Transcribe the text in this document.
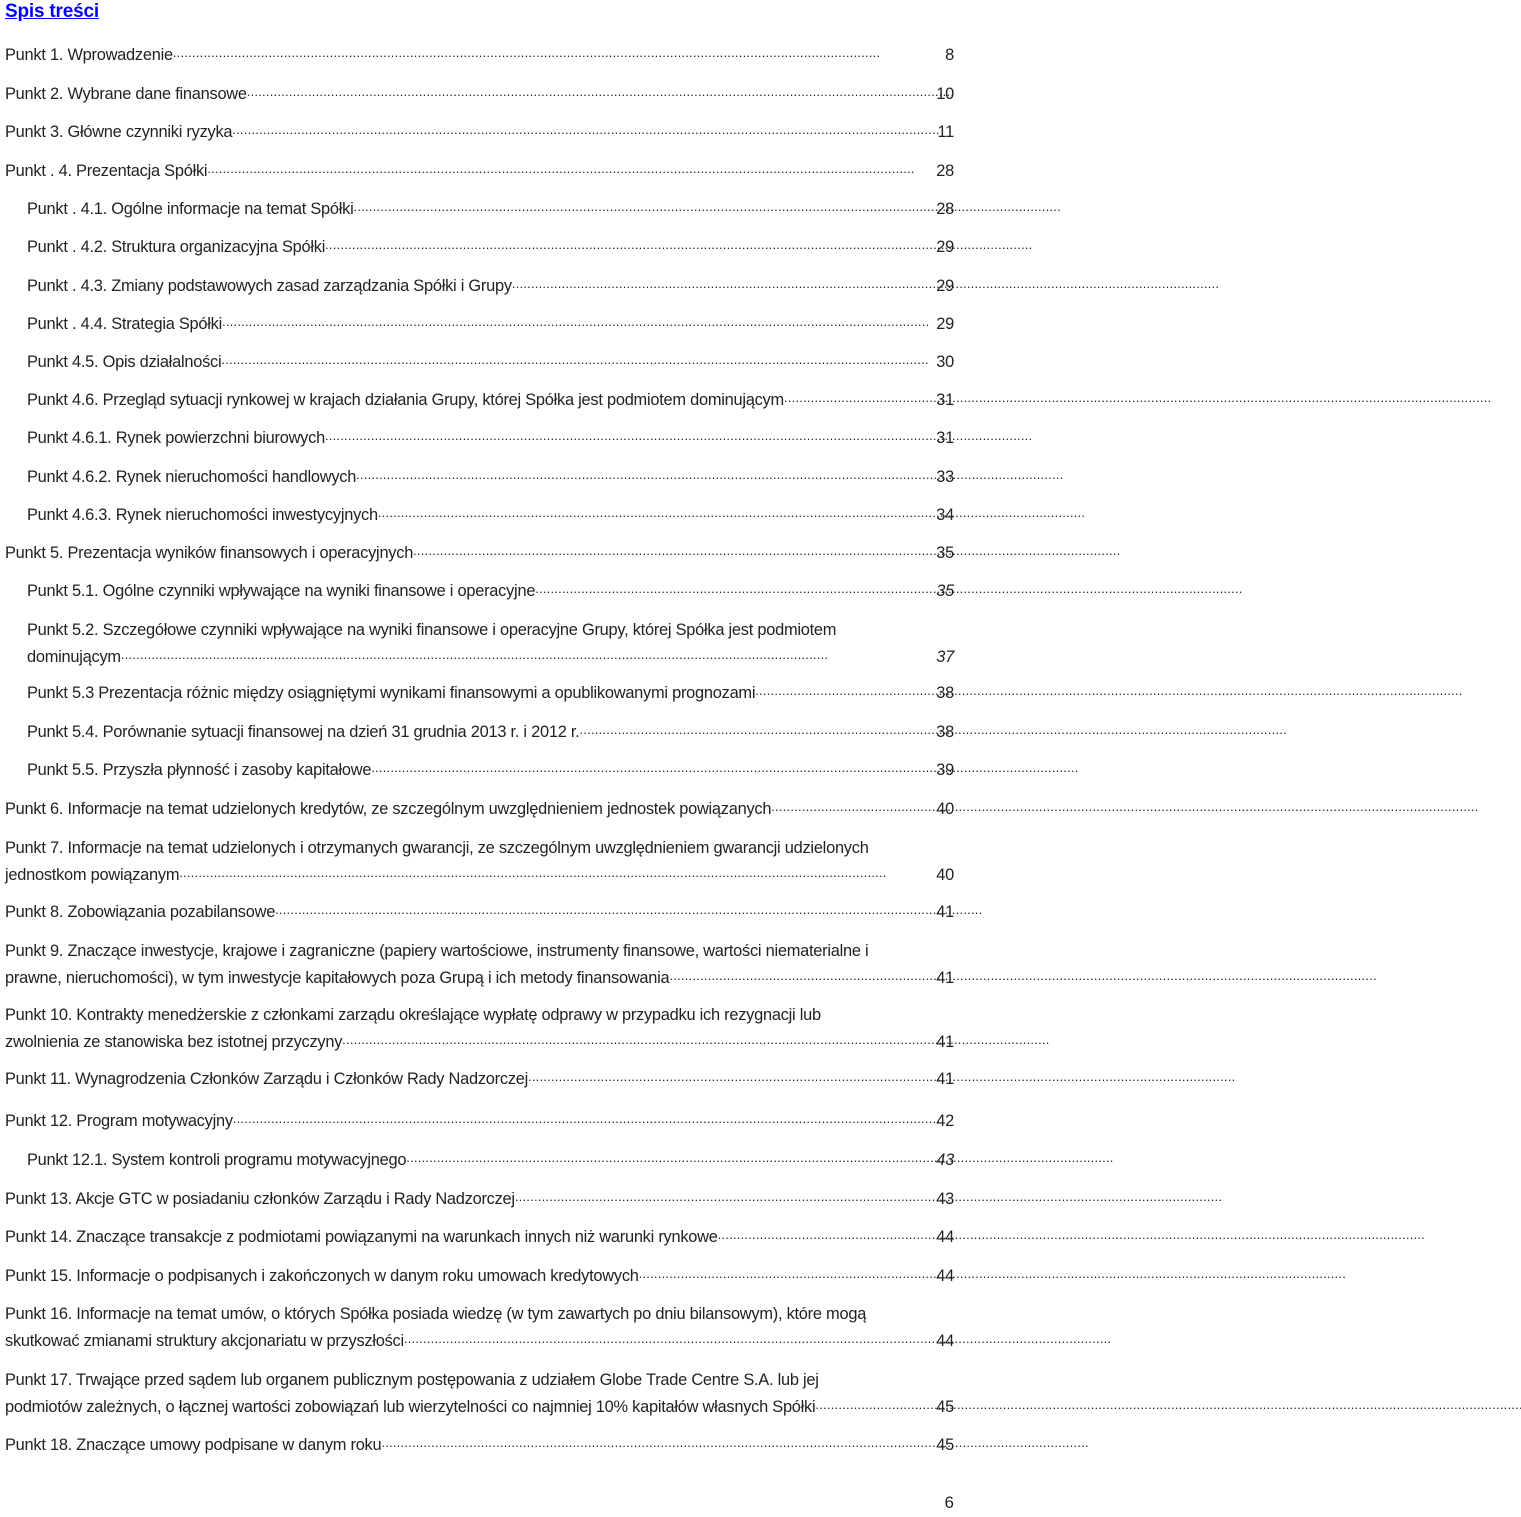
Spis treści
Punkt 1. Wprowadzenie . . .	8
Punkt 2. Wybrane dane finansowe . . .	10
Punkt 3. Główne czynniki ryzyka . . .	11
Punkt . 4. Prezentacja Spółki . . .	28
Punkt . 4.1. Ogólne informacje na temat Spółki . . .	28
Punkt . 4.2. Struktura organizacyjna Spółki . . .	29
Punkt . 4.3. Zmiany podstawowych zasad zarządzania Spółki i Grupy . . .	29
Punkt . 4.4. Strategia Spółki . . .	29
Punkt 4.5. Opis działalności . . .	30
Punkt 4.6. Przegląd sytuacji rynkowej w krajach działania Grupy, której Spółka jest podmiotem dominującym . . .	31
Punkt 4.6.1. Rynek powierzchni biurowych . . .	31
Punkt 4.6.2. Rynek nieruchomości handlowych . . .	33
Punkt 4.6.3. Rynek nieruchomości inwestycyjnych . . .	34
Punkt 5. Prezentacja wyników finansowych i operacyjnych . . .	35
Punkt 5.1. Ogólne czynniki wpływające na wyniki finansowe i operacyjne . . .	35
Punkt 5.2. Szczegółowe czynniki wpływające na wyniki finansowe i operacyjne Grupy, której Spółka jest podmiotem
dominującym . . .	37
Punkt 5.3 Prezentacja różnic między osiągniętymi wynikami finansowymi a opublikowanymi prognozami . . .	38
Punkt 5.4. Porównanie sytuacji finansowej na dzień 31 grudnia 2013 r. i 2012 r. . . .	38
Punkt 5.5. Przyszła płynność i zasoby kapitałowe . . .	39
Punkt 6. Informacje na temat udzielonych kredytów, ze szczególnym uwzględnieniem jednostek powiązanych . . .	40
Punkt 7. Informacje na temat udzielonych i otrzymanych gwarancji, ze szczególnym uwzględnieniem gwarancji udzielonych
jednostkom powiązanym . . .	40
Punkt 8. Zobowiązania pozabilansowe . . .	41
Punkt 9. Znaczące inwestycje, krajowe i zagraniczne (papiery wartościowe, instrumenty finansowe, wartości niematerialne i
prawne, nieruchomości), w tym inwestycje kapitałowych poza Grupą i ich metody finansowania . . .	41
Punkt 10. Kontrakty menedżerskie z członkami zarządu określające wypłatę odprawy w przypadku ich rezygnacji lub
zwolnienia ze stanowiska bez istotnej przyczyny . . .	41
Punkt 11. Wynagrodzenia Członków Zarządu i Członków Rady Nadzorczej . . .	41
Punkt 12. Program motywacyjny . . .	42
Punkt 12.1. System kontroli programu motywacyjnego . . .	43
Punkt 13. Akcje GTC w posiadaniu członków Zarządu i Rady Nadzorczej . . .	43
Punkt 14. Znaczące transakcje z podmiotami powiązanymi na warunkach innych niż warunki rynkowe . . .	44
Punkt 15. Informacje o podpisanych i zakończonych w danym roku umowach kredytowych . . .	44
Punkt 16. Informacje na temat umów, o których Spółka posiada wiedzę (w tym zawartych po dniu bilansowym), które mogą
skutkować zmianami struktury akcjonariatu w przyszłości . . .	44
Punkt 17. Trwające przed sądem lub organem publicznym postępowania z udziałem Globe Trade Centre S.A. lub jej
podmiotów zależnych, o łącznej wartości zobowiązań lub wierzytelności co najmniej 10% kapitałów własnych Spółki . . .	45
Punkt 18. Znaczące umowy podpisane w danym roku . . .	45
6
